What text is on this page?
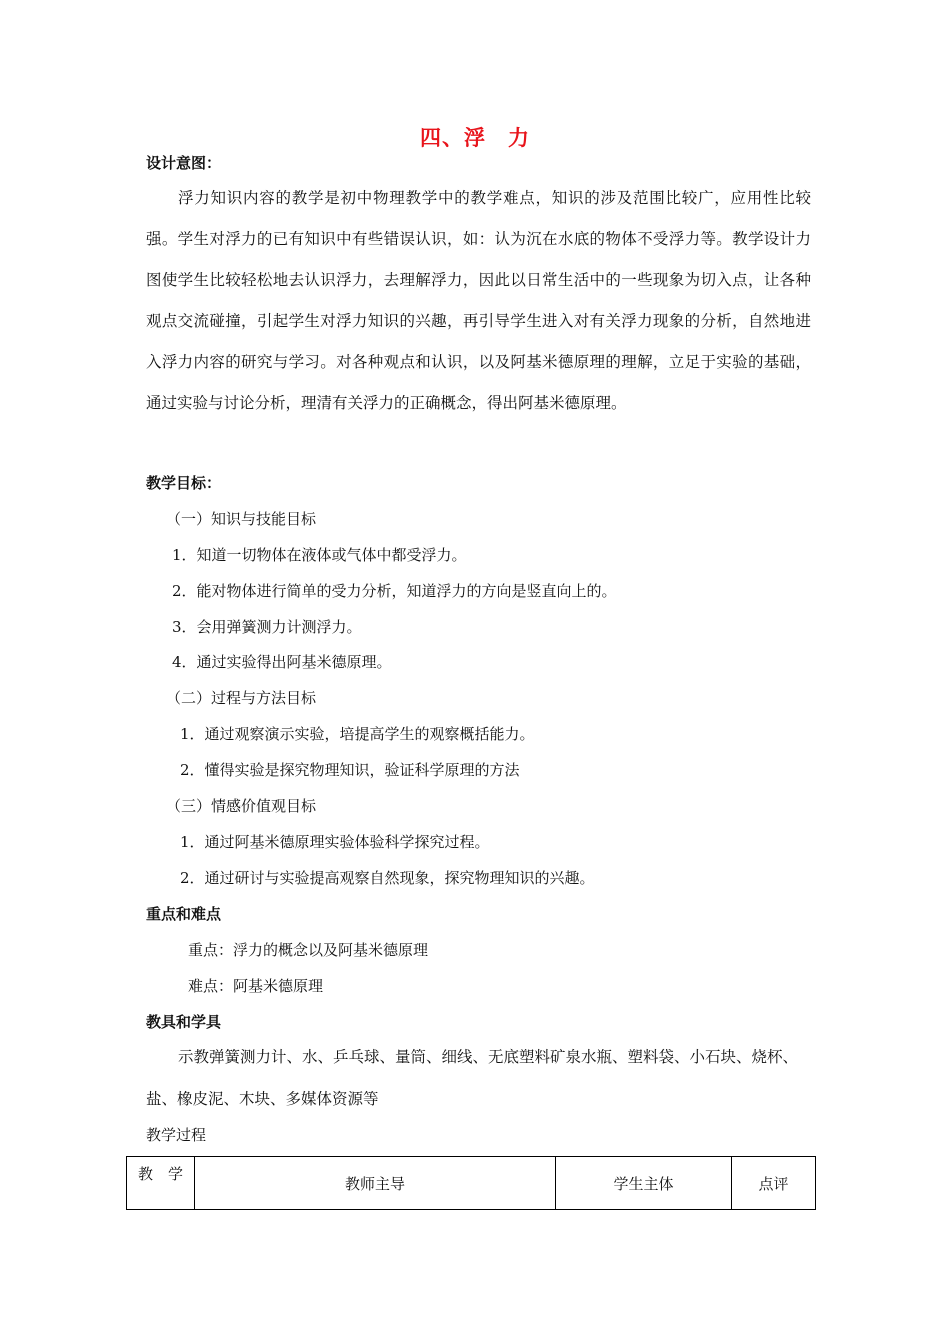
四、浮　力
设计意图：

浮力知识内容的教学是初中物理教学中的教学难点，知识的涉及范围比较广，应用性比较强。学生对浮力的已有知识中有些错误认识，如：认为沉在水底的物体不受浮力等。教学设计力图使学生比较轻松地去认识浮力，去理解浮力，因此以日常生活中的一些现象为切入点，让各种观点交流碰撞，引起学生对浮力知识的兴趣，再引导学生进入对有关浮力现象的分析，自然地进入浮力内容的研究与学习。对各种观点和认识，以及阿基米德原理的理解，立足于实验的基础，通过实验与讨论分析，理清有关浮力的正确概念，得出阿基米德原理。

教学目标：
（一）知识与技能目标
1．知道一切物体在液体或气体中都受浮力。
2．能对物体进行简单的受力分析，知道浮力的方向是竖直向上的。
3．会用弹簧测力计测浮力。
4．通过实验得出阿基米德原理。
（二）过程与方法目标
1．通过观察演示实验，培提高学生的观察概括能力。
2．懂得实验是探究物理知识，验证科学原理的方法
（三）情感价值观目标
1．通过阿基米德原理实验体验科学探究过程。
2．通过研讨与实验提高观察自然现象，探究物理知识的兴趣。
重点和难点
重点：浮力的概念以及阿基米德原理
难点：阿基米德原理
教具和学具

示教弹簧测力计、水、乒乓球、量筒、细线、无底塑料矿泉水瓶、塑料袋、小石块、烧杯、盐、橡皮泥、木块、多媒体资源等

教学过程
教　学	教师主导	学生主体	点评
